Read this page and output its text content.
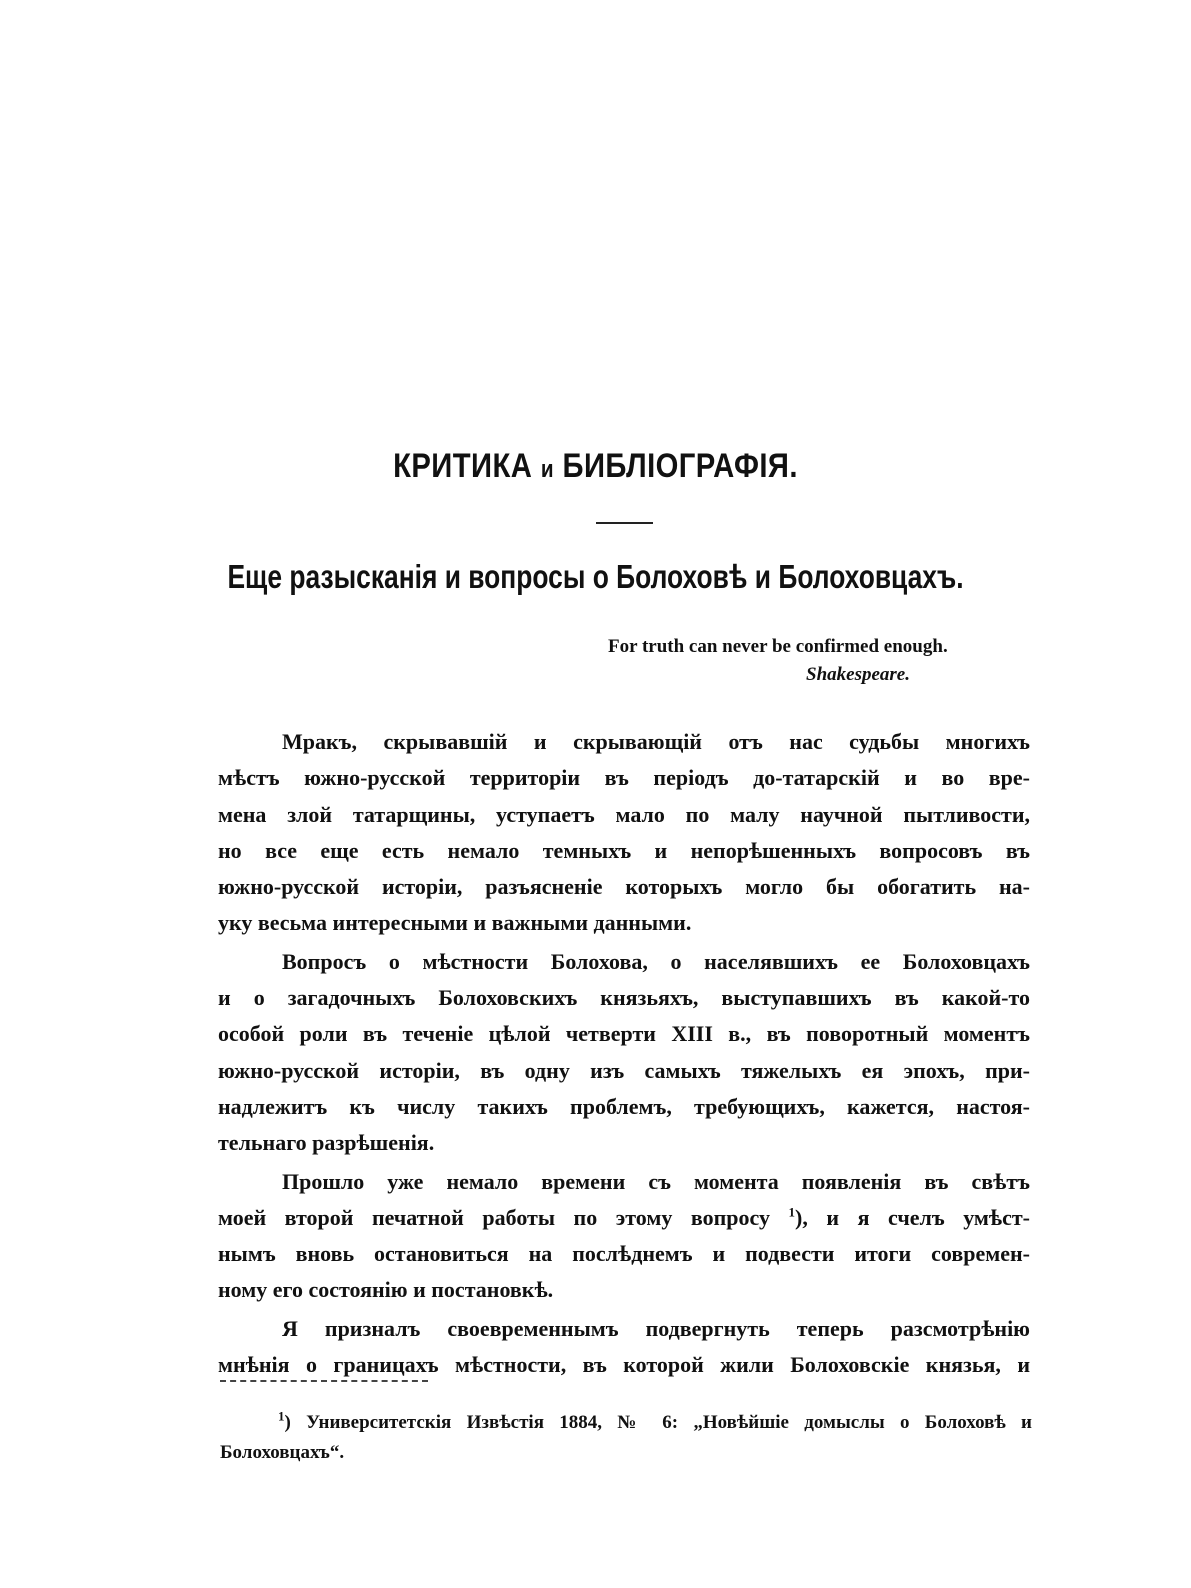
КРИТИКА и БИБЛIОГРАФIЯ.
Еще разысканiя и вопросы о Болоховѣ и Болоховцахъ.
For truth can never be confirmed enough.
Shakespeare.
Мракъ, скрывавшiй и скрывающiй отъ нас судьбы многихъ
мѣстъ южно-русской территорiи въ перiодъ до-татарскiй и во вре-
мена злой татарщины, уступаетъ мало по малу научной пытливости,
но все еще есть немало темныхъ и непорѣшенныхъ вопросовъ въ
южно-русской исторiи, разъясненiе которыхъ могло бы обогатить на-
уку весьма интересными и важными данными.
Вопросъ о мѣстности Болохова, о населявшихъ ее Болоховцахъ
и о загадочныхъ Болоховскихъ князьяхъ, выступавшихъ въ какой-то
особой роли въ теченiе цѣлой четверти XIII в., въ поворотный моментъ
южно-русской исторiи, въ одну изъ самыхъ тяжелыхъ ея эпохъ, при-
надлежитъ къ числу такихъ проблемъ, требующихъ, кажется, настоя-
тельнаго разрѣшенiя.
Прошло уже немало времени съ момента появленiя въ свѣтъ
моей второй печатной работы по этому вопросу $^1$), и я счелъ умѣст-
нымъ вновь остановиться на послѣднемъ и подвести итоги современ-
ному его состоянiю и постановкѣ.
Я призналъ своевременнымъ подвергнуть теперь разсмотрѣнiю
мнѣнiя о границахъ мѣстности, въ которой жили Болоховскiе князья, и
$^1$) Университетскiя Извѣстiя 1884, № 6: „Новѣйшiе домыслы о Болоховѣ и
Болоховцахъ“.
